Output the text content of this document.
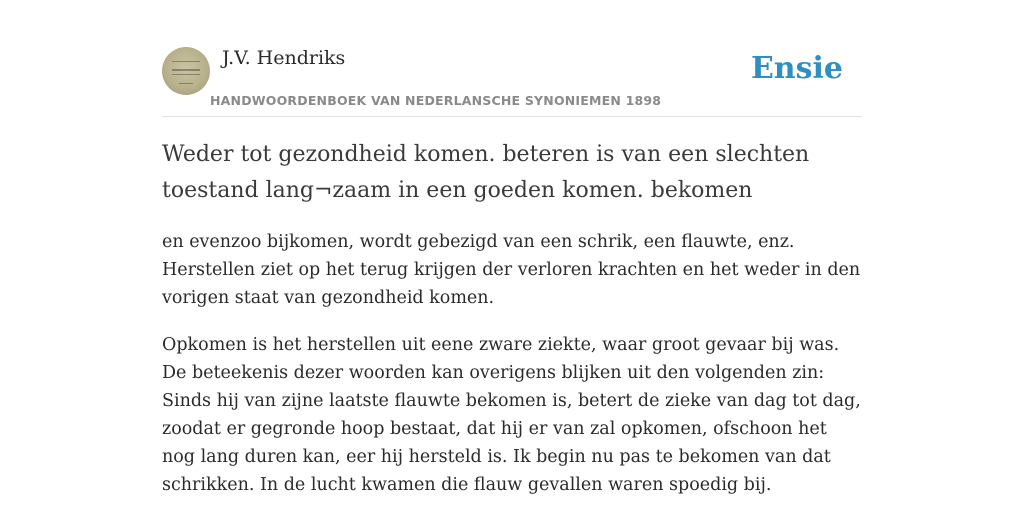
J.V. Hendriks
HANDWOORDENBOEK VAN NEDERLANSCHE SYNONIEMEN 1898
Ensie
Weder tot gezondheid komen. beteren is van een slechten toestand lang¬zaam in een goeden komen. bekomen

en evenzoo bijkomen, wordt gebezigd van een schrik, een flauwte, enz. Herstellen ziet op het terug krijgen der verloren krachten en het weder in den vorigen staat van gezondheid komen.

Opkomen is het herstellen uit eene zware ziekte, waar groot gevaar bij was. De beteekenis dezer woorden kan overigens blijken uit den volgenden zin: Sinds hij van zijne laatste flauwte bekomen is, betert de zieke van dag tot dag, zoodat er gegronde hoop bestaat, dat hij er van zal opkomen, ofschoon het nog lang duren kan, eer hij hersteld is. Ik begin nu pas te bekomen van dat schrikken. In de lucht kwamen die flauw gevallen waren spoedig bij.
